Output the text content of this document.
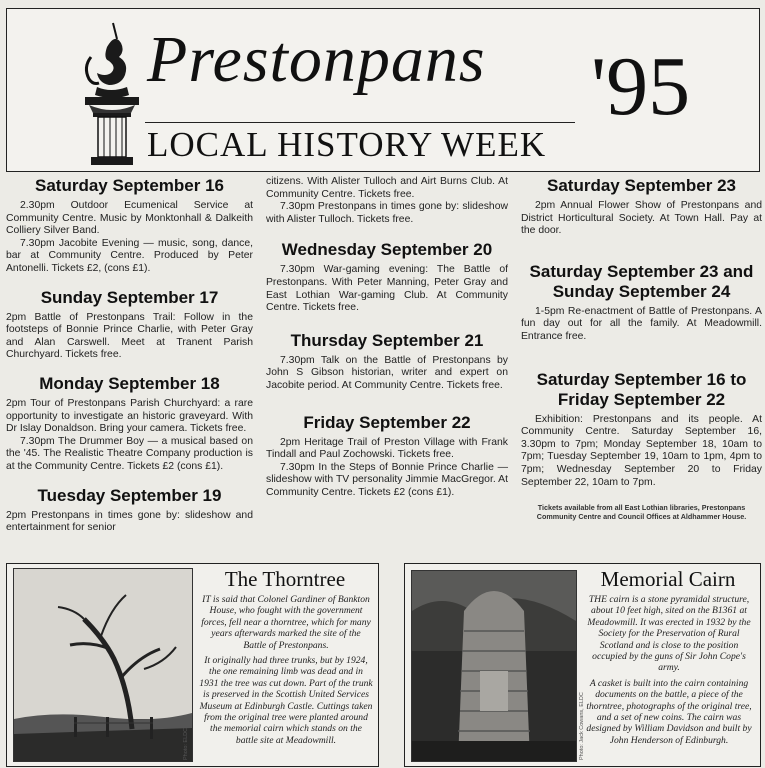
Prestonpans '95
LOCAL HISTORY WEEK
Saturday September 16

2.30pm Outdoor Ecumenical Service at Community Centre. Music by Monktonhall & Dalkeith Colliery Silver Band.

7.30pm Jacobite Evening — music, song, dance, bar at Community Centre. Produced by Peter Antonelli. Tickets £2, (cons £1).

Sunday September 17

2pm Battle of Prestonpans Trail: Follow in the footsteps of Bonnie Prince Charlie, with Peter Gray and Alan Carswell. Meet at Tranent Parish Churchyard. Tickets free.

Monday September 18

2pm Tour of Prestonpans Parish Churchyard: a rare opportunity to investigate an historic graveyard. With Dr Islay Donaldson. Bring your camera. Tickets free.

7.30pm The Drummer Boy — a musical based on the '45. The Realistic Theatre Company production is at the Community Centre. Tickets £2 (cons £1).

Tuesday September 19

2pm Prestonpans in times gone by: slideshow and entertainment for senior

citizens. With Alister Tulloch and Airt Burns Club. At Community Centre. Tickets free.

7.30pm Prestonpans in times gone by: slideshow with Alister Tulloch. Tickets free.

Wednesday September 20

7.30pm War-gaming evening: The Battle of Prestonpans. With Peter Manning, Peter Gray and East Lothian War-gaming Club. At Community Centre. Tickets free.

Thursday September 21

7.30pm Talk on the Battle of Prestonpans by John S Gibson historian, writer and expert on Jacobite period. At Community Centre. Tickets free.

Friday September 22

2pm Heritage Trail of Preston Village with Frank Tindall and Paul Zochowski. Tickets free.

7.30pm In the Steps of Bonnie Prince Charlie — slideshow with TV personality Jimmie MacGregor. At Community Centre. Tickets £2 (cons £1).

Saturday September 23

2pm Annual Flower Show of Prestonpans and District Horticultural Society. At Town Hall. Pay at the door.

Saturday September 23 and Sunday September 24

1-5pm Re-enactment of Battle of Prestonpans. A fun day out for all the family. At Meadowmill. Entrance free.

Saturday September 16 to Friday September 22

Exhibition: Prestonpans and its people. At Community Centre. Saturday September 16, 3.30pm to 7pm; Monday September 18, 10am to 7pm; Tuesday September 19, 10am to 1pm, 4pm to 7pm; Wednesday September 20 to Friday September 22, 10am to 7pm.

Tickets available from all East Lothian libraries, Prestonpans Community Centre and Council Offices at Aldhammer House.
Photo: ELDC
The Thorntree

IT is said that Colonel Gardiner of Bankton House, who fought with the government forces, fell near a thorntree, which for many years afterwards marked the site of the Battle of Prestonpans.

It originally had three trunks, but by 1924, the one remaining limb was dead and in 1931 the tree was cut down. Part of the trunk is preserved in the Scottish United Services Museum at Edinburgh Castle. Cuttings taken from the original tree were planted around the memorial cairn which stands on the battle site at Meadowmill.	Photo: Jack Cowans, ELDC
Memorial Cairn

THE cairn is a stone pyramidal structure, about 10 feet high, sited on the B1361 at Meadowmill. It was erected in 1932 by the Society for the Preservation of Rural Scotland and is close to the position occupied by the guns of Sir John Cope's army.

A casket is built into the cairn containing documents on the battle, a piece of the thorntree, photographs of the original tree, and a set of new coins. The cairn was designed by William Davidson and built by John Henderson of Edinburgh.
